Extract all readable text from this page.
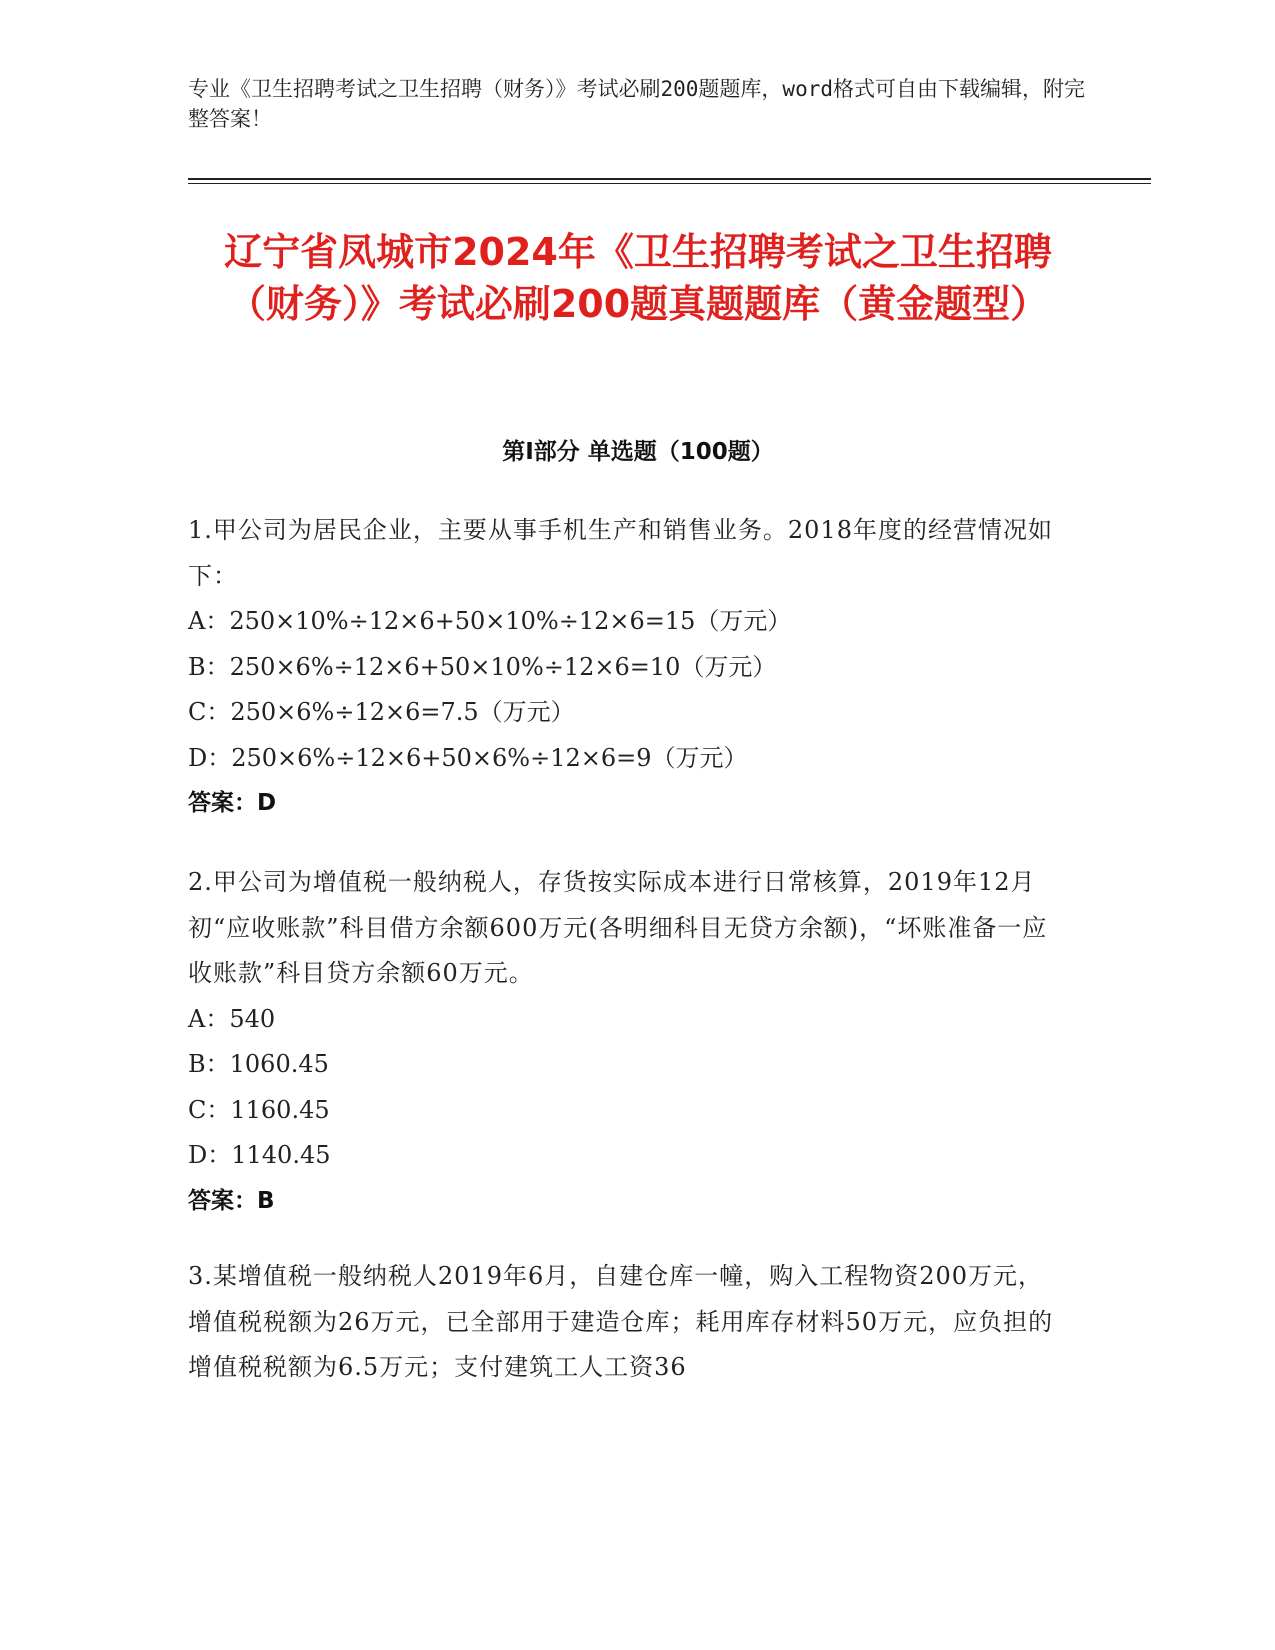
专业《卫生招聘考试之卫生招聘（财务）》考试必刷200题题库，word格式可自由下载编辑，附完整答案！
辽宁省凤城市2024年《卫生招聘考试之卫生招聘（财务）》考试必刷200题真题题库（黄金题型）
第Ⅰ部分 单选题（100题）

1.甲公司为居民企业，主要从事手机生产和销售业务。2018年度的经营情况如下：

A：250×10%÷12×6+50×10%÷12×6=15（万元）

B：250×6%÷12×6+50×10%÷12×6=10（万元）

C：250×6%÷12×6=7.5（万元）

D：250×6%÷12×6+50×6%÷12×6=9（万元）

答案：D

2.甲公司为增值税一般纳税人，存货按实际成本进行日常核算，2019年12月初“应收账款”科目借方余额600万元(各明细科目无贷方余额)，“坏账准备一应收账款”科目贷方余额60万元。

A：540

B：1060.45

C：1160.45

D：1140.45

答案：B

3.某增值税一般纳税人2019年6月，自建仓库一幢，购入工程物资200万元，增值税税额为26万元，已全部用于建造仓库；耗用库存材料50万元，应负担的增值税税额为6.5万元；支付建筑工人工资36
